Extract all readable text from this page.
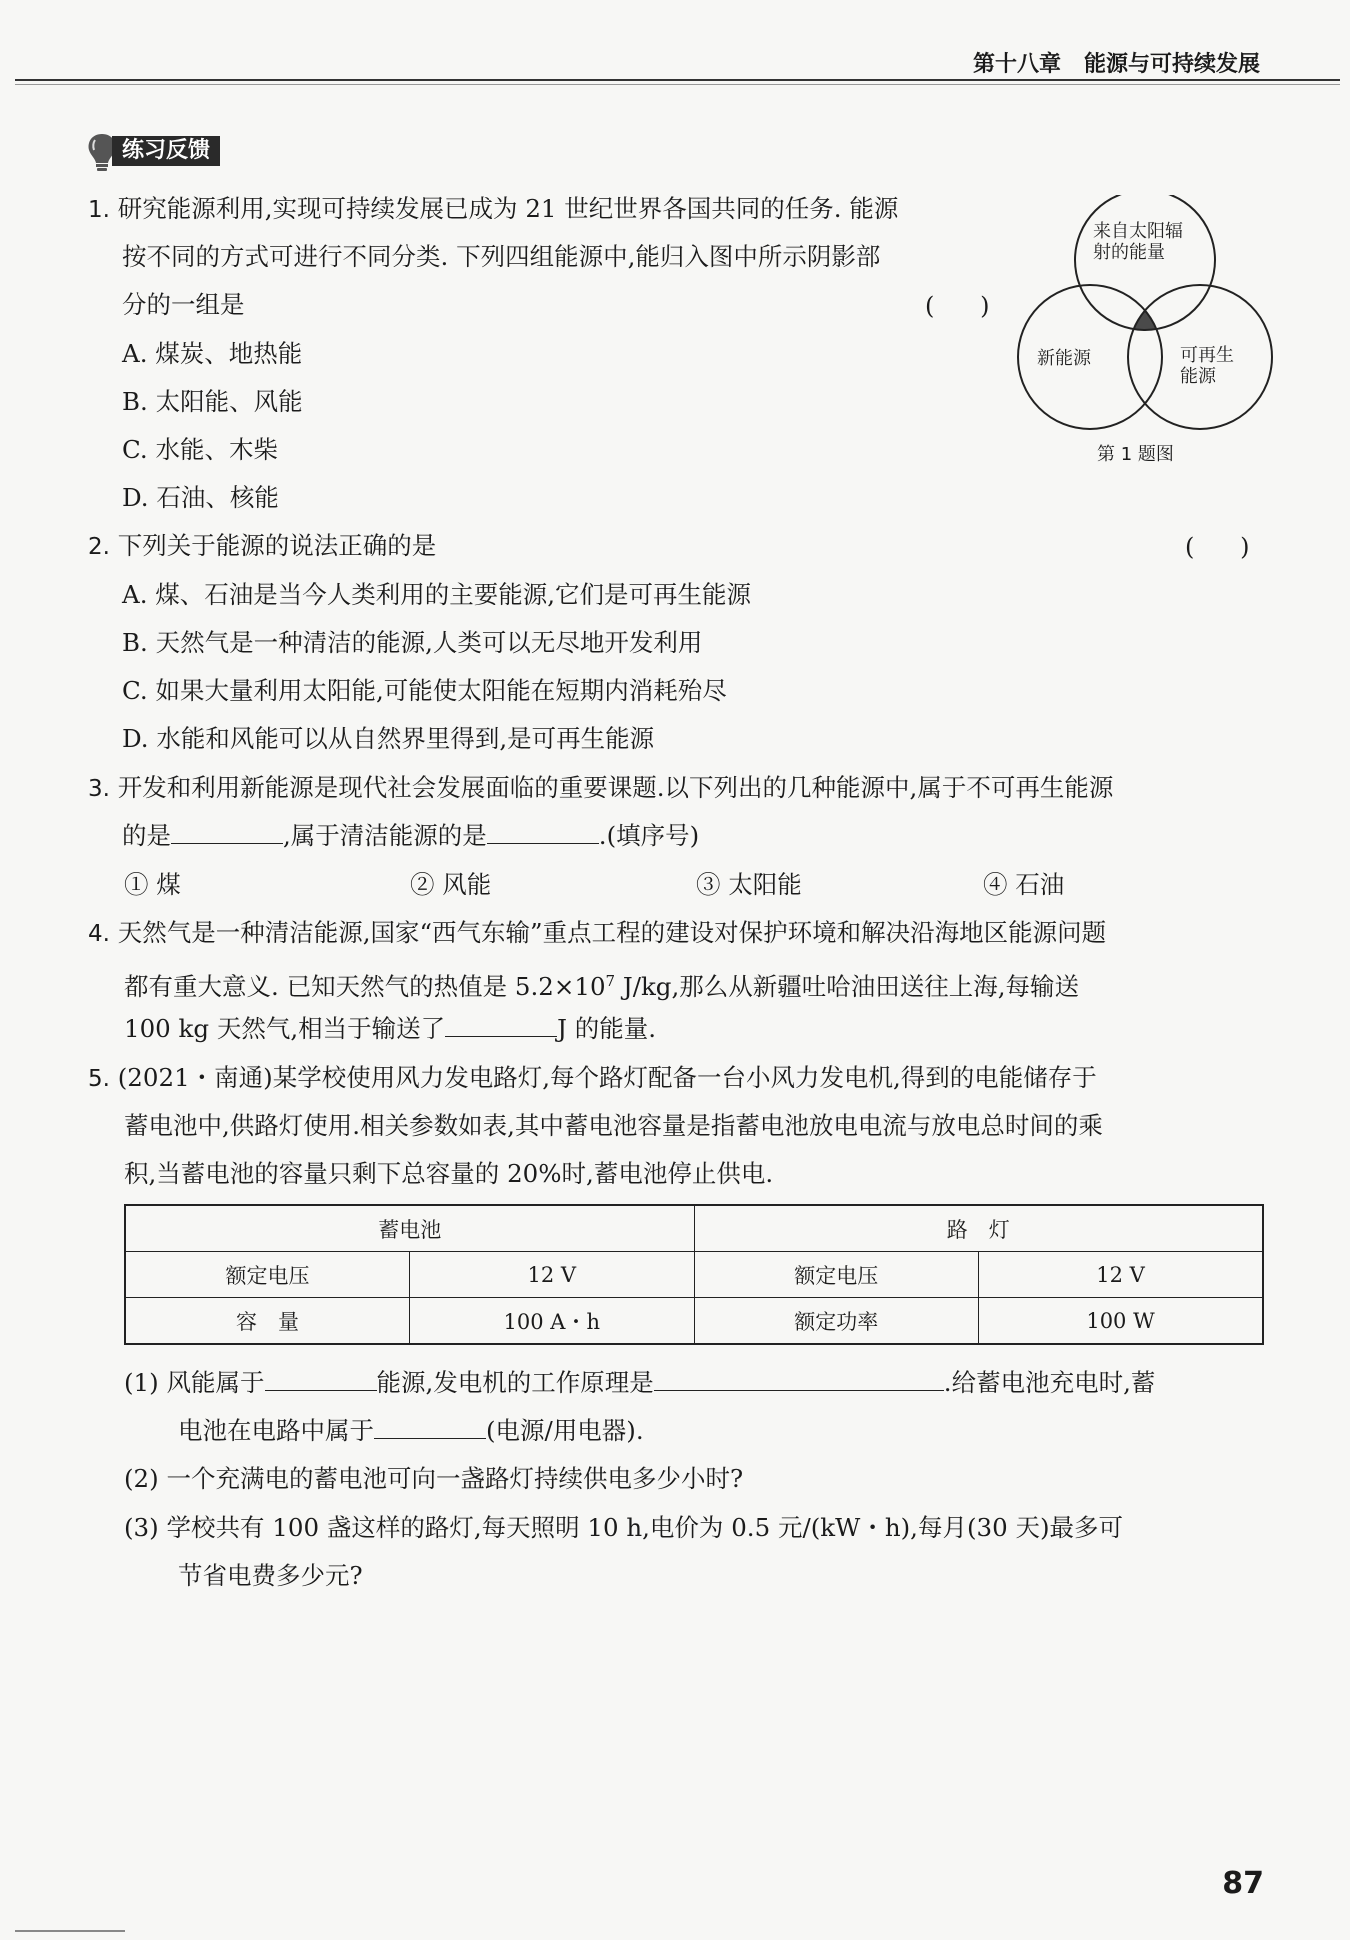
第十八章 能源与可持续发展
练习反馈
1. 研究能源利用,实现可持续发展已成为 21 世纪世界各国共同的任务. 能源
按不同的方式可进行不同分类. 下列四组能源中,能归入图中所示阴影部
分的一组是	(      )
A. 煤炭、地热能
B. 太阳能、风能
C. 水能、木柴
D. 石油、核能
来自太阳辐
射的能量
新能源	可再生
能源
第 1 题图
2. 下列关于能源的说法正确的是	(      )
A. 煤、石油是当今人类利用的主要能源,它们是可再生能源
B. 天然气是一种清洁的能源,人类可以无尽地开发利用
C. 如果大量利用太阳能,可能使太阳能在短期内消耗殆尽
D. 水能和风能可以从自然界里得到,是可再生能源
3. 开发和利用新能源是现代社会发展面临的重要课题.以下列出的几种能源中,属于不可再生能源
的是	,属于清洁能源的是	.(填序号)
① 煤	② 风能	③ 太阳能	④ 石油
4. 天然气是一种清洁能源,国家“西气东输”重点工程的建设对保护环境和解决沿海地区能源问题
都有重大意义. 已知天然气的热值是 $5.2\times 10^7$ J/kg,那么从新疆吐哈油田送往上海,每输送
100 kg 天然气,相当于输送了	J 的能量.
5. (2021・南通)某学校使用风力发电路灯,每个路灯配备一台小风力发电机,得到的电能储存于
蓄电池中,供路灯使用.相关参数如表,其中蓄电池容量是指蓄电池放电电流与放电总时间的乘
积,当蓄电池的容量只剩下总容量的 20%时,蓄电池停止供电.
蓄电池		路　灯	
额定电压	12 V	额定电压	12 V
容　量	100 A・h	额定功率	100 W
(1) 风能属于	能源,发电机的工作原理是	.给蓄电池充电时,蓄
电池在电路中属于	(电源/用电器).
(2) 一个充满电的蓄电池可向一盏路灯持续供电多少小时?
(3) 学校共有 100 盏这样的路灯,每天照明 10 h,电价为 0.5 元/(kW・h),每月(30 天)最多可
节省电费多少元?
87
